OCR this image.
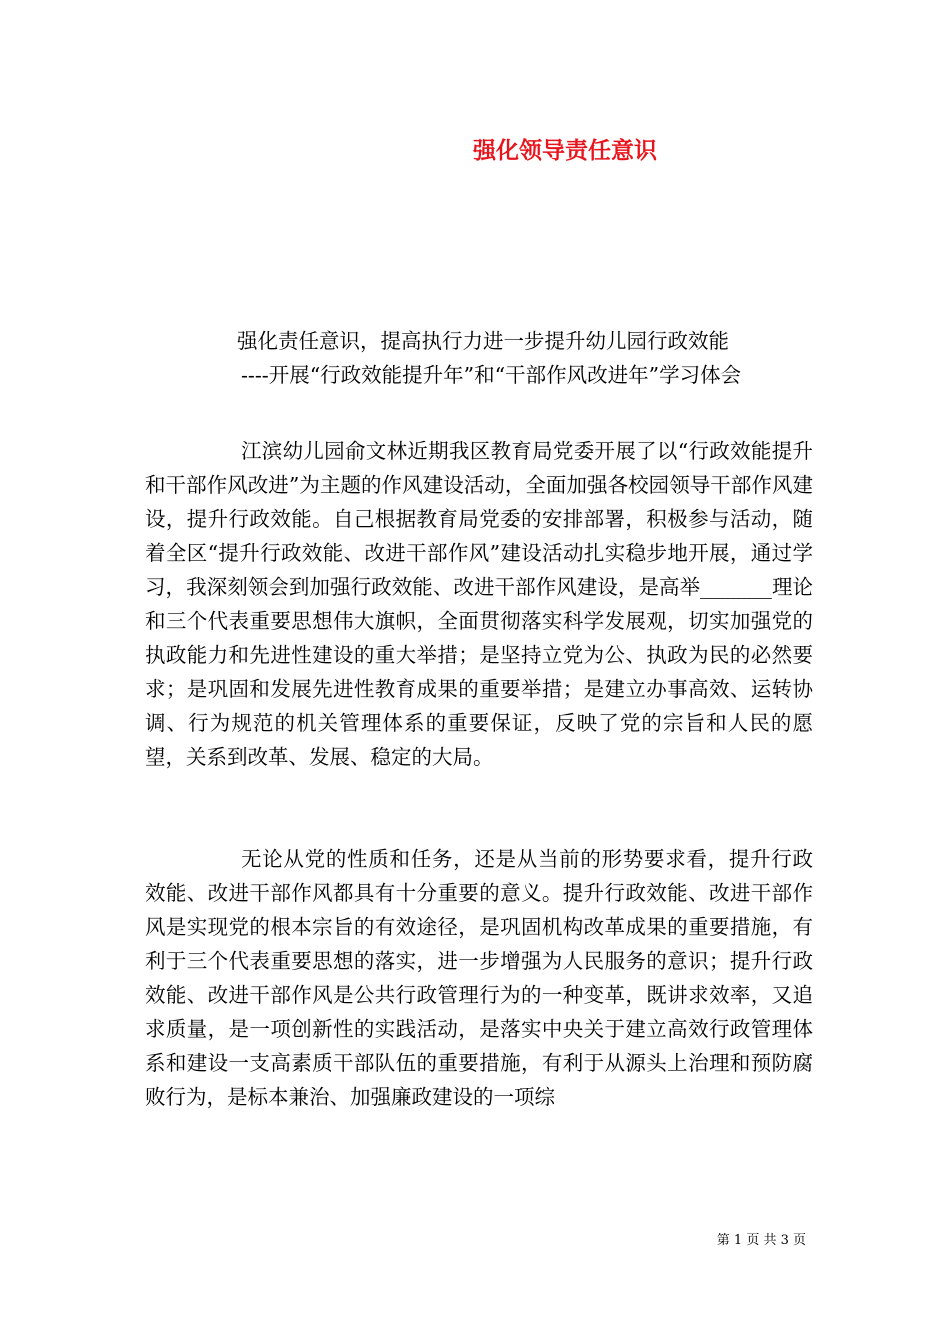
强化领导责任意识
强化责任意识，提高执行力进一步提升幼儿园行政效能
----开展“行政效能提升年”和“干部作风改进年”学习体会
江滨幼儿园俞文林近期我区教育局党委开展了以“行政效能提升和干部作风改进”为主题的作风建设活动，全面加强各校园领导干部作风建设，提升行政效能。自己根据教育局党委的安排部署，积极参与活动，随着全区“提升行政效能、改进干部作风”建设活动扎实稳步地开展，通过学习，我深刻领会到加强行政效能、改进干部作风建设，是高举_______理论和三个代表重要思想伟大旗帜，全面贯彻落实科学发展观，切实加强党的执政能力和先进性建设的重大举措；是坚持立党为公、执政为民的必然要求；是巩固和发展先进性教育成果的重要举措；是建立办事高效、运转协调、行为规范的机关管理体系的重要保证，反映了党的宗旨和人民的愿望，关系到改革、发展、稳定的大局。
无论从党的性质和任务，还是从当前的形势要求看，提升行政效能、改进干部作风都具有十分重要的意义。提升行政效能、改进干部作风是实现党的根本宗旨的有效途径，是巩固机构改革成果的重要措施，有利于三个代表重要思想的落实，进一步增强为人民服务的意识；提升行政效能、改进干部作风是公共行政管理行为的一种变革，既讲求效率，又追求质量，是一项创新性的实践活动，是落实中央关于建立高效行政管理体系和建设一支高素质干部队伍的重要措施，有利于从源头上治理和预防腐败行为，是标本兼治、加强廉政建设的一项综
第 1 页 共 3 页
